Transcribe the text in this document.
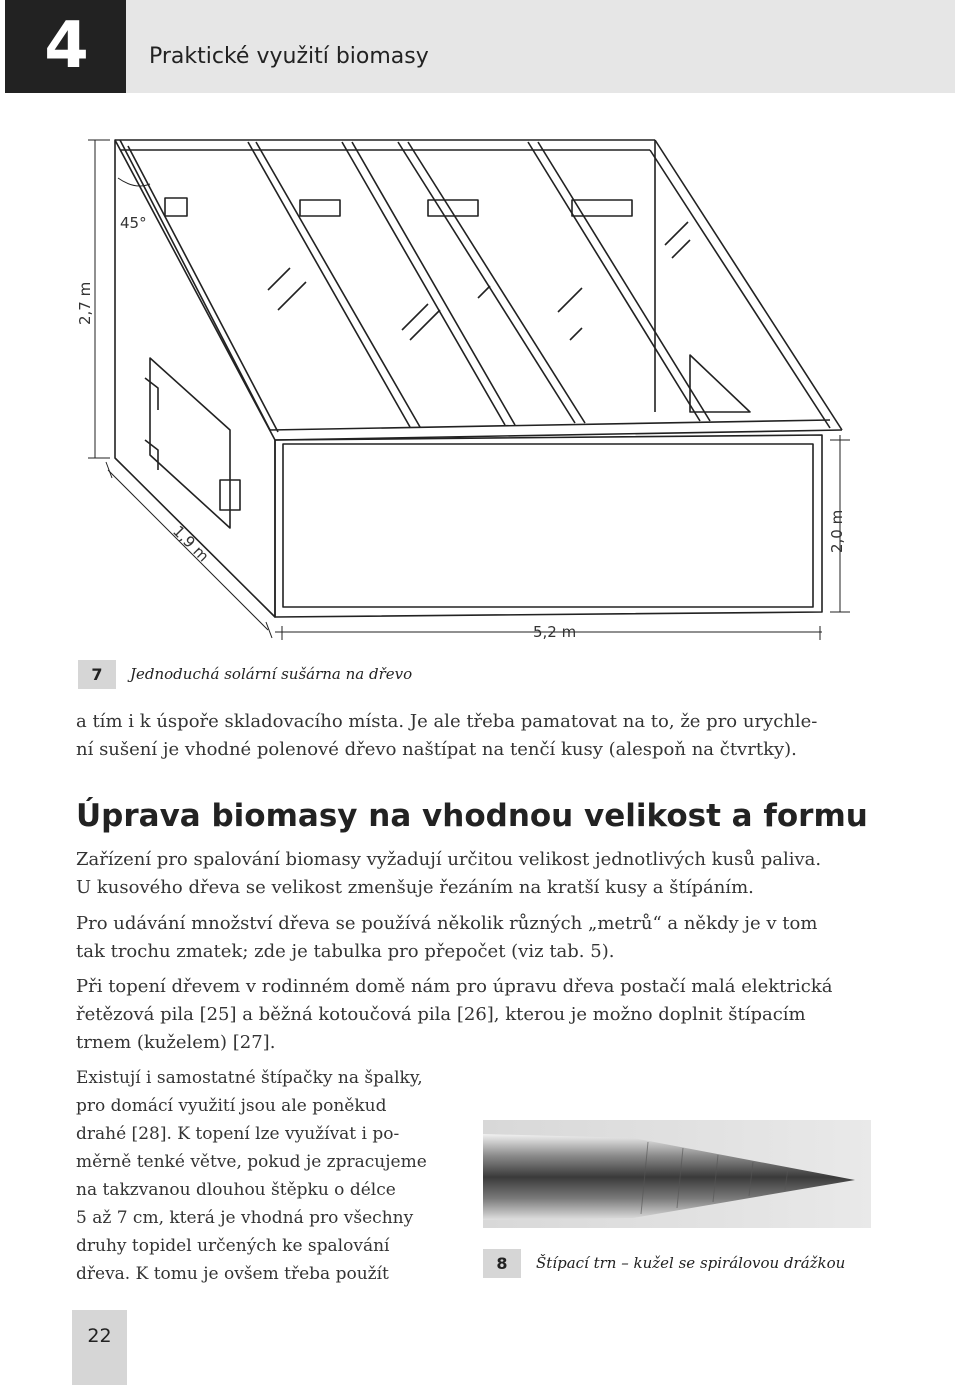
4	Praktické využití biomasy
45°
2,7 m
2,0 m
1,9 m
5,2 m
7	Jednoduchá solární sušárna na dřevo
a tím i k úspoře skladovacího místa. Je ale třeba pamatovat na to, že pro urychle-
ní sušení je vhodné polenové dřevo naštípat na tenčí kusy (alespoň na čtvrtky).
Úprava biomasy na vhodnou velikost a formu
Zařízení pro spalování biomasy vyžadují určitou velikost jednotlivých kusů paliva.
U kusového dřeva se velikost zmenšuje řezáním na kratší kusy a štípáním.
Pro udávání množství dřeva se používá několik různých „metrů“ a někdy je v tom
tak trochu zmatek; zde je tabulka pro přepočet (viz tab. 5).
Při topení dřevem v rodinném domě nám pro úpravu dřeva postačí malá elektrická
řetězová pila [25] a běžná kotoučová pila [26], kterou je možno doplnit štípacím
trnem (kuželem) [27].
Existují i samostatné štípačky na špalky,
pro domácí využití jsou ale poněkud
drahé [28]. K topení lze využívat i po-
měrně tenké větve, pokud je zpracujeme
na takzvanou dlouhou štěpku o délce
5 až 7 cm, která je vhodná pro všechny
druhy topidel určených ke spalování
dřeva. K tomu je ovšem třeba použít
8	Štípací trn – kužel se spirálovou drážkou
22
